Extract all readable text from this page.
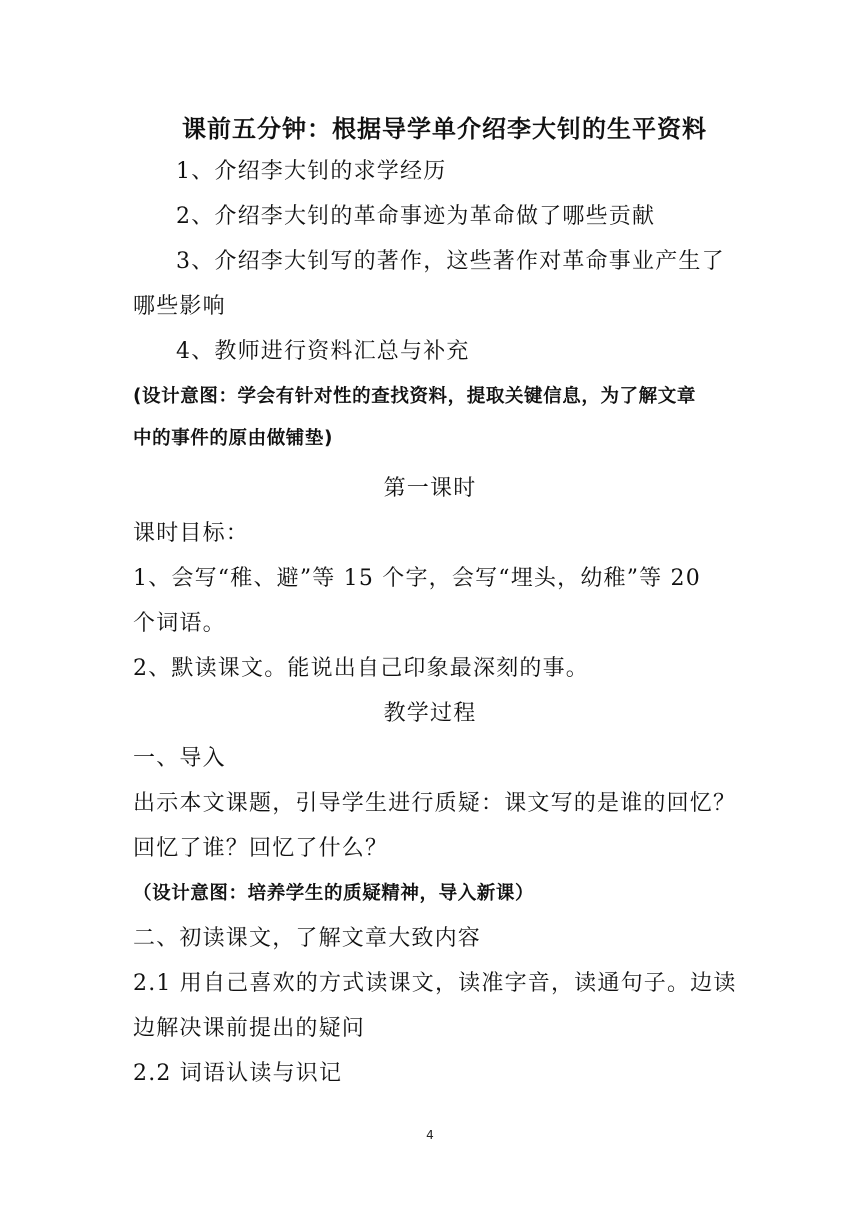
课前五分钟：根据导学单介绍李大钊的生平资料
1、介绍李大钊的求学经历
2、介绍李大钊的革命事迹为革命做了哪些贡献
3、介绍李大钊写的著作，这些著作对革命事业产生了
哪些影响
4、教师进行资料汇总与补充
(设计意图：学会有针对性的查找资料，提取关键信息，为了解文章
中的事件的原由做铺垫)
第一课时
课时目标：
1、会写“稚、避”等 15 个字，会写“埋头，幼稚”等 20
个词语。
2、默读课文。能说出自己印象最深刻的事。
教学过程
一、导入
出示本文课题，引导学生进行质疑：课文写的是谁的回忆？
回忆了谁？回忆了什么？
（设计意图：培养学生的质疑精神，导入新课）
二、初读课文，了解文章大致内容
2.1 用自己喜欢的方式读课文，读准字音，读通句子。边读
边解决课前提出的疑问
2.2 词语认读与识记
4
